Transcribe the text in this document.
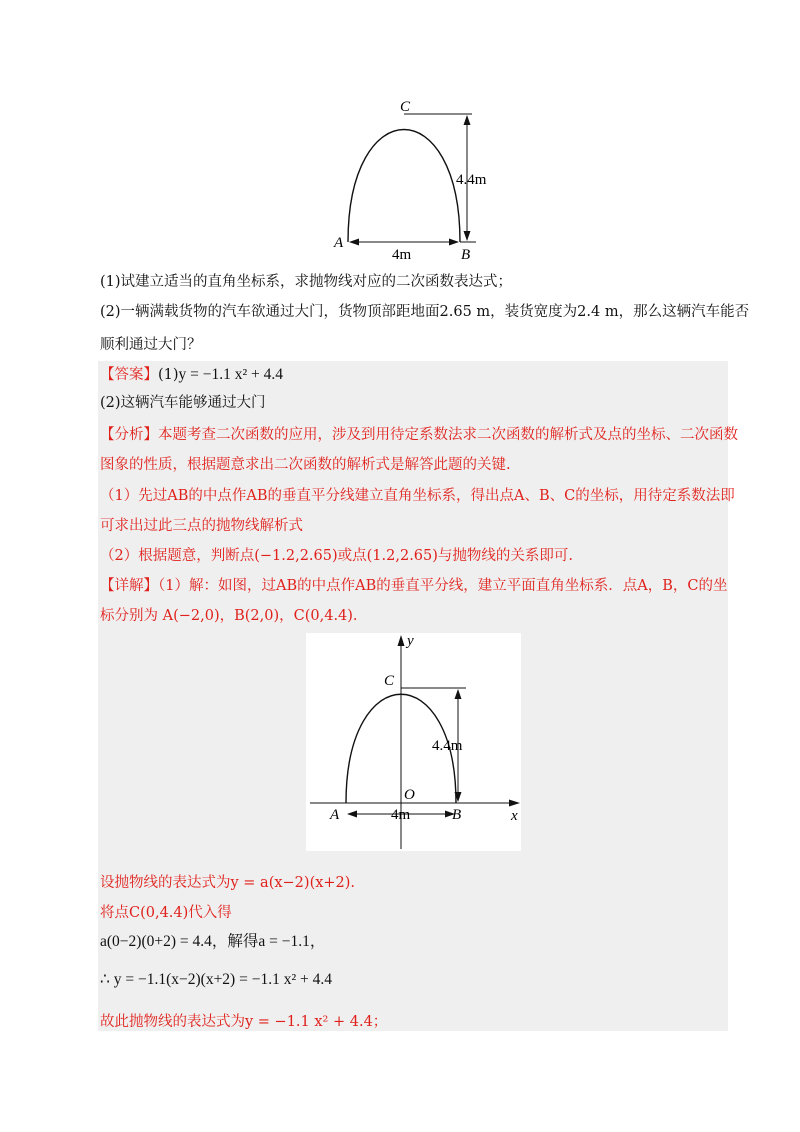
C
A
B
4.4m
4m
(1)试建立适当的直角坐标系，求抛物线对应的二次函数表达式；
(2)一辆满载货物的汽车欲通过大门，货物顶部距地面2.65 m，装货宽度为2.4 m，那么这辆汽车能否
顺利通过大门？
【答案】(1)y = −1.1 x² + 4.4
(2)这辆汽车能够通过大门
【分析】本题考查二次函数的应用，涉及到用待定系数法求二次函数的解析式及点的坐标、二次函数
图象的性质，根据题意求出二次函数的解析式是解答此题的关键.
（1）先过AB的中点作AB的垂直平分线建立直角坐标系，得出点A、B、C的坐标，用待定系数法即
可求出过此三点的抛物线解析式
（2）根据题意，判断点(−1.2,2.65)或点(1.2,2.65)与抛物线的关系即可.
【详解】（1）解：如图，过AB的中点作AB的垂直平分线，建立平面直角坐标系．点A，B，C的坐
标分别为 A(−2,0)，B(2,0)，C(0,4.4).
y
x
C
O
A	B
4.4m
4m
设抛物线的表达式为y = a(x−2)(x+2).
将点C(0,4.4)代入得
a(0−2)(0+2) = 4.4，解得a = −1.1，
∴ y = −1.1(x−2)(x+2) = −1.1 x² + 4.4
故此抛物线的表达式为y = −1.1 x² + 4.4；
